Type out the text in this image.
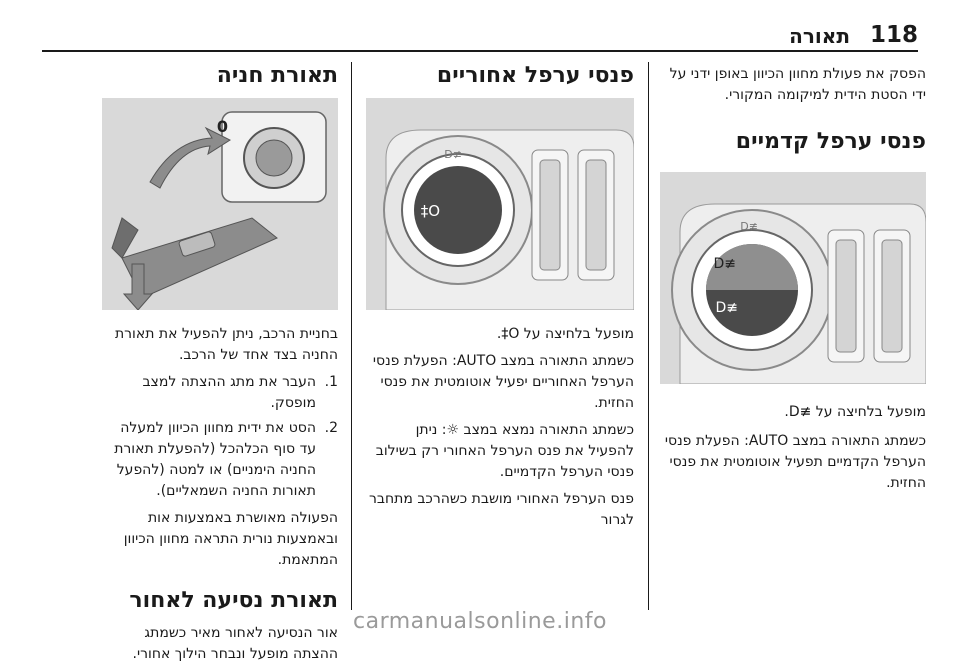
118
תאורה

הפסק את פעולת מחוון הכיוון באופן ידני על ידי הסטת הידית למיקומה המקורי.

פנסי ערפל קדמיים
≢D
≢D
≢D

מופעל בלחיצה על ≢D.

כשמתג התאורה במצב AUTO: הפעלת פנסי הערפל הקדמיים תפעיל אוטומטית את פנסי החזית.

פנסי ערפל אחוריים
O‡
≢D

מופעל בלחיצה על O‡.

כשמתג התאורה במצב AUTO: הפעלת פנסי הערפל האחוריים יפעיל אוטומטית את פנסי החזית.

כשמתג התאורה נמצא במצב ⁠☼: ניתן להפעיל את פנס הערפל האחורי רק בשילוב פנסי הערפל הקדמיים.

פנס הערפל האחורי מושבת כשהרכב מתחבר לגרור

תאורת חניה
0

בחניית הרכב, ניתן להפעיל את תאורת החניה בצד אחד של הרכב.

1.
העבר את מתג ההצתה למצב מופסק.
2.
הסט את ידית מחוון הכיוון למעלה עד סוף הכלהכל (להפעלת תאורת החניה הימניים) או למטה (להפעל תאורות החניה השמאליים).

הפעולה מאושרת באמצעות אות ובאמצעות נורית התראה מחוון הכיוון המתאמת.

תאורת נסיעה לאחור

אור הנסיעה לאחור מאיר כשמתג ההצתה מופעל ונבחר הילוך אחורי.

carmanualsonline.info
